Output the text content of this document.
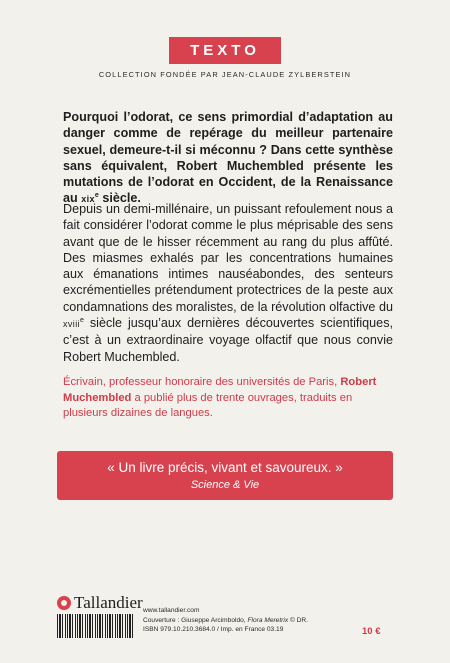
TEXTO
COLLECTION FONDÉE PAR JEAN-CLAUDE ZYLBERSTEIN

Pourquoi l’odorat, ce sens primordial d’adaptation au danger comme de repérage du meilleur partenaire sexuel, demeure-t-il si méconnu ? Dans cette synthèse sans équivalent, Robert Muchembled présente les mutations de l’odorat en Occident, de la Renaissance au xix$^e$ siècle.

Depuis un demi-millénaire, un puissant refoulement nous a fait considérer l’odorat comme le plus méprisable des sens avant que de le hisser récemment au rang du plus affûté. Des miasmes exhalés par les concentrations humaines aux émanations intimes nauséabondes, des senteurs excrémentielles prétendument protectrices de la peste aux condamnations des moralistes, de la révolution olfactive du xviii$^e$ siècle jusqu’aux dernières découvertes scientifiques, c’est à un extraordinaire voyage olfactif que nous convie Robert Muchembled.

Écrivain, professeur honoraire des universités de Paris, Robert Muchembled a publié plus de trente ouvrages, traduits en plusieurs dizaines de langues.

« Un livre précis, vivant et savoureux. »
Science & Vie
Tallandier www.tallandier.com
Couverture : Giuseppe Arcimboldo, Flora Meretrix © DR.
ISBN 979.10.210.3684.0 / Imp. en France 03.19	10 €
